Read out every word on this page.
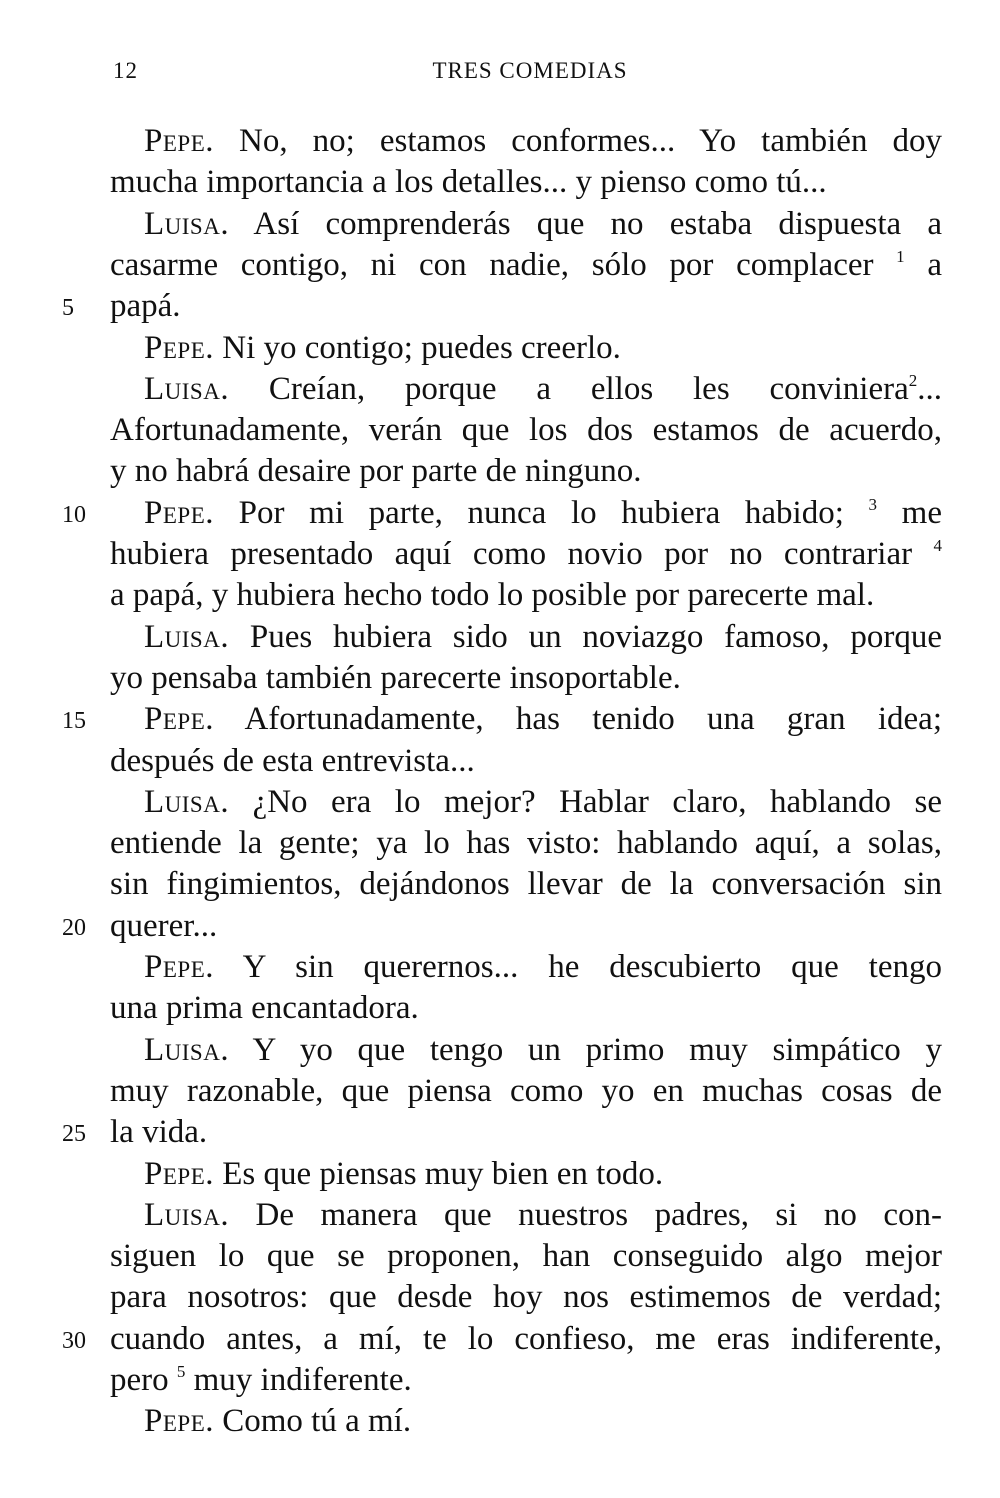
12	TRES COMEDIAS
Pepe. No, no; estamos conformes... Yo también doy
mucha importancia a los detalles... y pienso como tú...
Luisa. Así comprenderás que no estaba dispuesta a
casarme contigo, ni con nadie, sólo por complacer $^1$ a
papá.
Pepe. Ni yo contigo; puedes creerlo.
Luisa. Creían, porque a ellos les conviniera$^2$...
Afortunadamente, verán que los dos estamos de acuerdo,
y no habrá desaire por parte de ninguno.
Pepe. Por mi parte, nunca lo hubiera habido; $^3$ me
hubiera presentado aquí como novio por no contrariar $^4$
a papá, y hubiera hecho todo lo posible por parecerte mal.
Luisa. Pues hubiera sido un noviazgo famoso, porque
yo pensaba también parecerte insoportable.
Pepe. Afortunadamente, has tenido una gran idea;
después de esta entrevista...
Luisa. ¿No era lo mejor? Hablar claro, hablando se
entiende la gente; ya lo has visto: hablando aquí, a solas,
sin fingimientos, dejándonos llevar de la conversación sin
querer...
Pepe. Y sin querernos... he descubierto que tengo
una prima encantadora.
Luisa. Y yo que tengo un primo muy simpático y
muy razonable, que piensa como yo en muchas cosas de
la vida.
Pepe. Es que piensas muy bien en todo.
Luisa. De manera que nuestros padres, si no con-
siguen lo que se proponen, han conseguido algo mejor
para nosotros: que desde hoy nos estimemos de verdad;
cuando antes, a mí, te lo confieso, me eras indiferente,
pero $^5$ muy indiferente.
Pepe. Como tú a mí.
5
10
15
20
25
30
